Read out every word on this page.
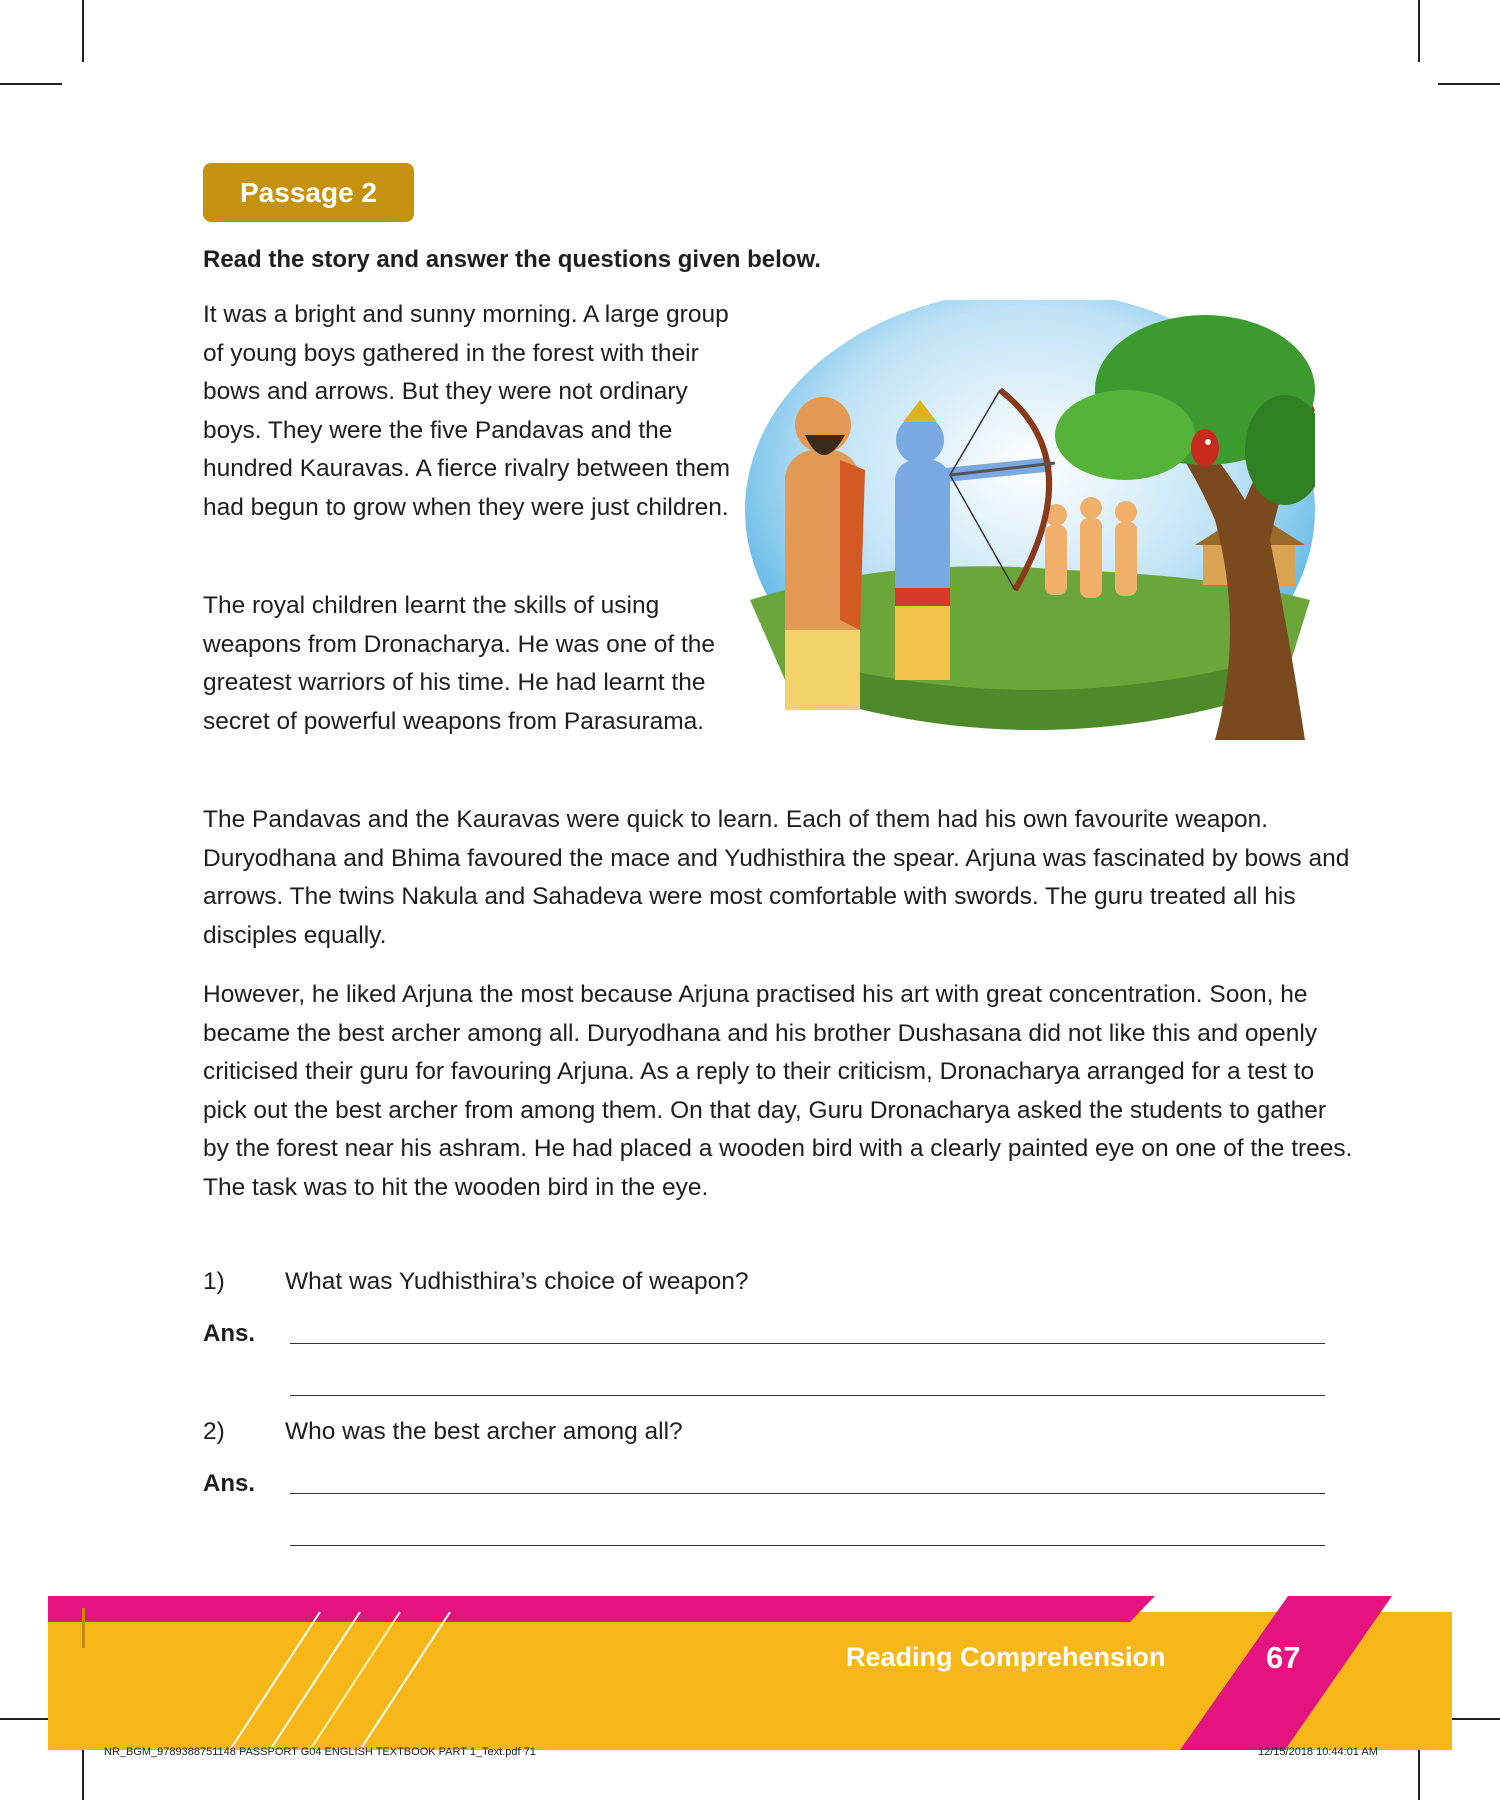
Passage 2
Read the story and answer the questions given below.

It was a bright and sunny morning. A large group of young boys gathered in the forest with their bows and arrows. But they were not ordinary boys. They were the five Pandavas and the hundred Kauravas. A fierce rivalry between them had begun to grow when they were just children.

The royal children learnt the skills of using weapons from Dronacharya. He was one of the greatest warriors of his time. He had learnt the secret of powerful weapons from Parasurama.

The Pandavas and the Kauravas were quick to learn. Each of them had his own favourite weapon. Duryodhana and Bhima favoured the mace and Yudhisthira the spear. Arjuna was fascinated by bows and arrows. The twins Nakula and Sahadeva were most comfortable with swords. The guru treated all his disciples equally.

However, he liked Arjuna the most because Arjuna practised his art with great concentration. Soon, he became the best archer among all. Duryodhana and his brother Dushasana did not like this and openly criticised their guru for favouring Arjuna. As a reply to their criticism, Dronacharya arranged for a test to pick out the best archer from among them. On that day, Guru Dronacharya asked the students to gather by the forest near his ashram. He had placed a wooden bird with a clearly painted eye on one of the trees. The task was to hit the wooden bird in the eye.

1) What was Yudhisthira’s choice of weapon?
Ans.
2) Who was the best archer among all?
Ans.
Reading Comprehension	67
NR_BGM_9789388751148 PASSPORT G04 ENGLISH TEXTBOOK PART 1_Text.pdf 71	12/15/2018 10:44:01 AM
